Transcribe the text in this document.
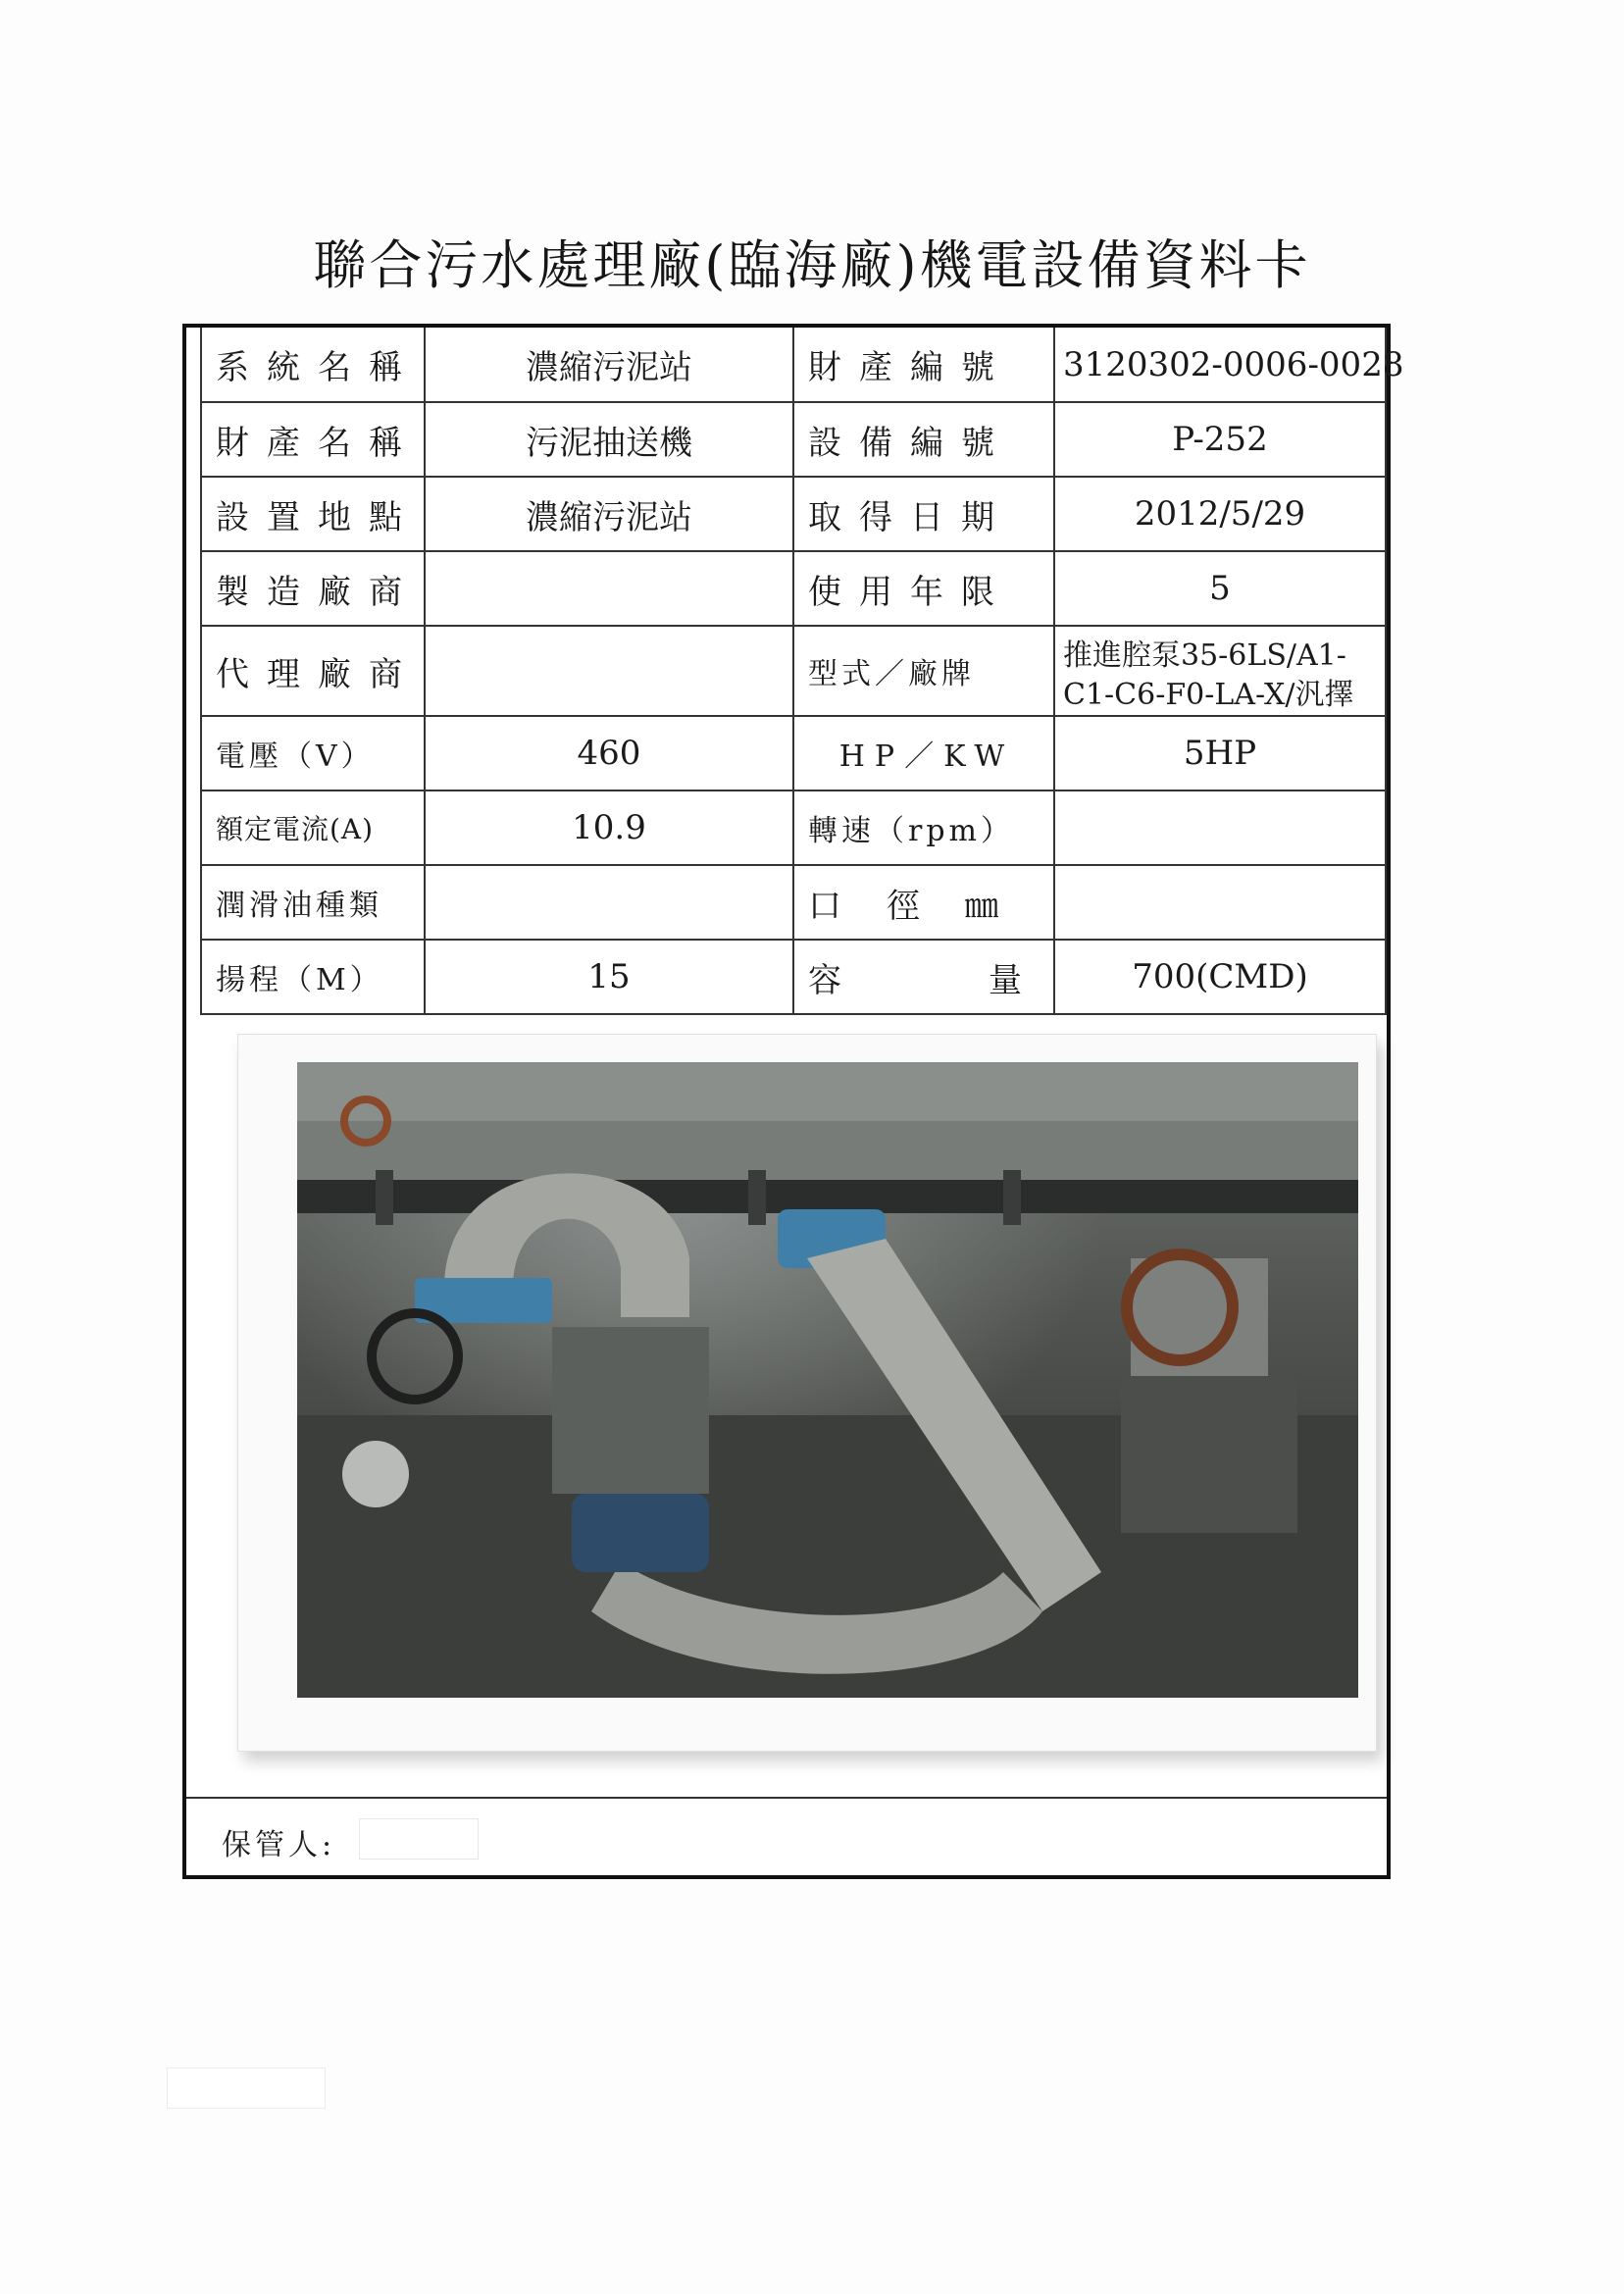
聯合污水處理廠(臨海廠)機電設備資料卡
系統名稱	濃縮污泥站	財產編號	3120302-0006-0028
財產名稱	污泥抽送機	設備編號	P-252
設置地點	濃縮污泥站	取得日期	2012/5/29
製造廠商		使用年限	5
代理廠商		型式／廠牌	推進腔泵35-6LS/A1-C1-C6-F0-LA-X/汎擇
電壓（V）	460	HP／KW	5HP
額定電流(A)	10.9	轉速（rpm）	
潤滑油種類		口徑㎜	
揚程（M）	15	容量	700(CMD)
保管人:
